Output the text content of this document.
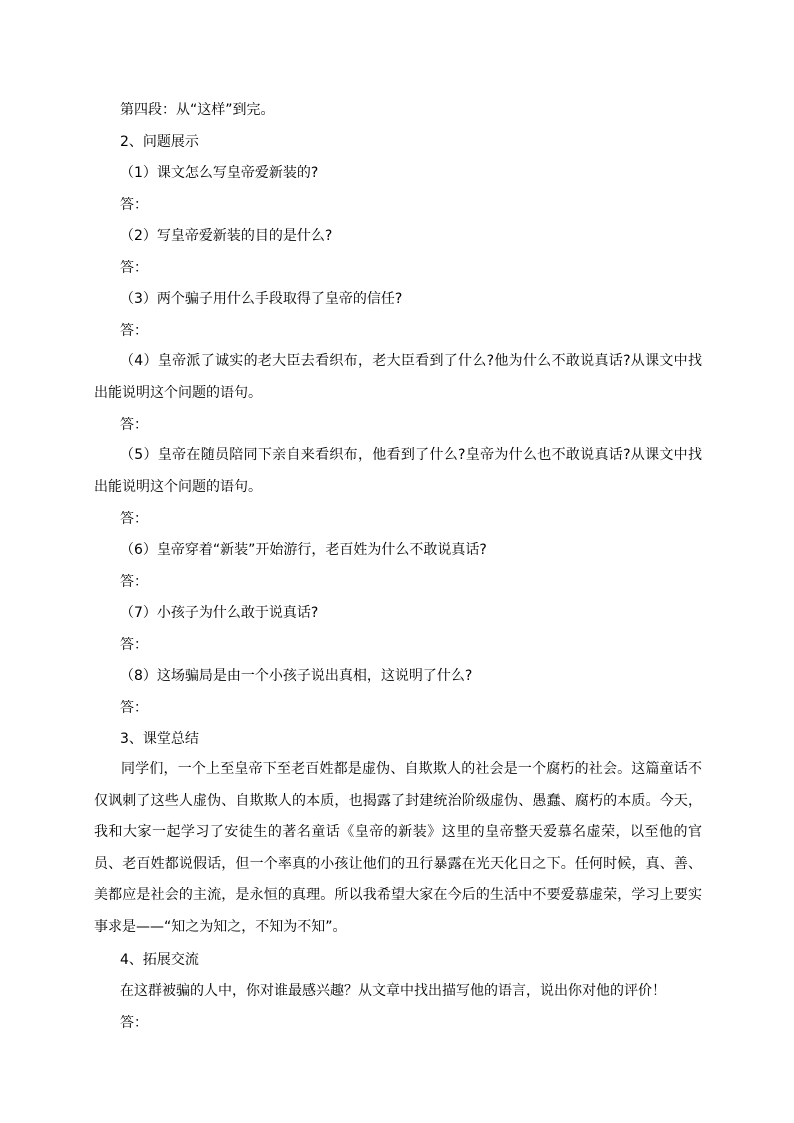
第四段：从“这样”到完。
2、问题展示
（1）课文怎么写皇帝爱新装的?
答：
（2）写皇帝爱新装的目的是什么?
答：
（3）两个骗子用什么手段取得了皇帝的信任?
答：
（4）皇帝派了诚实的老大臣去看织布，老大臣看到了什么?他为什么不敢说真话?从课文中找出能说明这个问题的语句。
答：
（5）皇帝在随员陪同下亲自来看织布，他看到了什么?皇帝为什么也不敢说真话?从课文中找出能说明这个问题的语句。
答：
（6）皇帝穿着“新装”开始游行，老百姓为什么不敢说真话?
答：
（7）小孩子为什么敢于说真话?
答：
（8）这场骗局是由一个小孩子说出真相，这说明了什么?
答：
3、课堂总结
同学们，一个上至皇帝下至老百姓都是虚伪、自欺欺人的社会是一个腐朽的社会。这篇童话不仅讽刺了这些人虚伪、自欺欺人的本质，也揭露了封建统治阶级虚伪、愚蠢、腐朽的本质。今天，我和大家一起学习了安徒生的著名童话《皇帝的新装》这里的皇帝整天爱慕名虚荣，以至他的官员、老百姓都说假话，但一个率真的小孩让他们的丑行暴露在光天化日之下。任何时候，真、善、美都应是社会的主流，是永恒的真理。所以我希望大家在今后的生活中不要爱慕虚荣，学习上要实事求是——“知之为知之，不知为不知”。
4、拓展交流
在这群被骗的人中，你对谁最感兴趣？从文章中找出描写他的语言，说出你对他的评价！
答：
